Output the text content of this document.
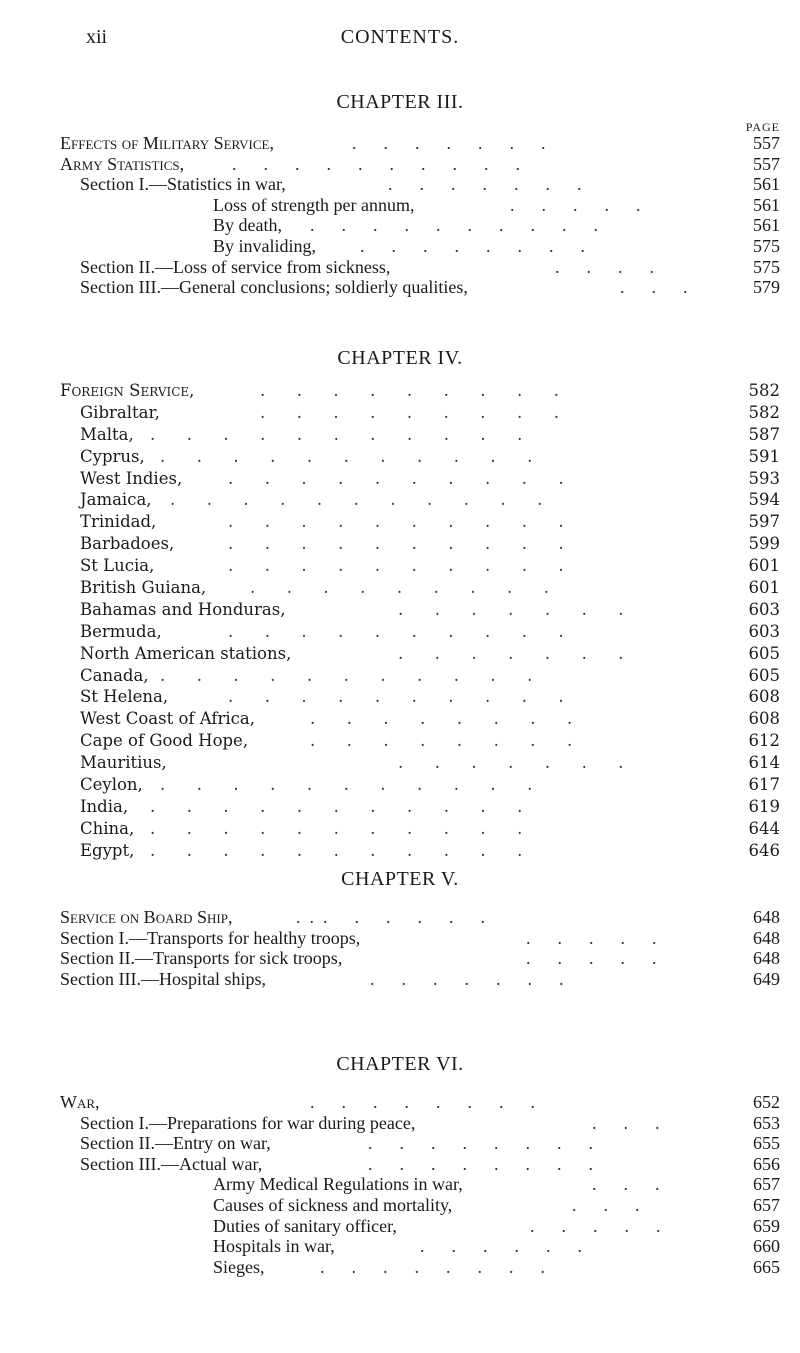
xii	CONTENTS.
CHAPTER III.
PAGE
Effects of Military Service,	.      .      .      .      .      .      .	557
Army Statistics,	.      .      .      .      .      .      .      .      .      .	557
Section I.—Statistics in war,	.      .      .      .      .      .      .	561
Loss of strength per annum,	.      .      .      .      .	561
By death, .      .      .      .      .      .      .      .      .      .	561
By invaliding, .      .      .      .      .      .      .      .	575
Section II.—Loss of service from sickness,	.      .      .      .	575
Section III.—General conclusions; soldierly qualities,	.      .      .	579
CHAPTER IV.
Foreign Service,	.      .      .      .      .      .      .      .      .	582
Gibraltar,	.      .      .      .      .      .      .      .      .	582
Malta, .      .      .      .      .      .      .      .      .      .      .	587
Cyprus, .      .      .      .      .      .      .      .      .      .      .	591
West Indies,	.      .      .      .      .      .      .      .      .      .	593
Jamaica, .      .      .      .      .      .      .      .      .      .      .	594
Trinidad,	.      .      .      .      .      .      .      .      .      .	597
Barbadoes,	.      .      .      .      .      .      .      .      .      .	599
St Lucia,	.      .      .      .      .      .      .      .      .      .	601
British Guiana,	.      .      .      .      .      .      .      .      .	601
Bahamas and Honduras,	.      .      .      .      .      .      .	603
Bermuda,	.      .      .      .      .      .      .      .      .      .	603
North American stations,	.      .      .      .      .      .      .	605
Canada, .      .      .      .      .      .      .      .      .      .      .	605
St Helena,	.      .      .      .      .      .      .      .      .      .	608
West Coast of Africa,	.      .      .      .      .      .      .      .	608
Cape of Good Hope,	.      .      .      .      .      .      .      .	612
Mauritius,	.      .      .      .      .      .      .	614
Ceylon, .      .      .      .      .      .      .      .      .      .      .	617
India, .      .      .      .      .      .      .      .      .      .      .	619
China, .      .      .      .      .      .      .      .      .      .      .	644
Egypt, .      .      .      .      .      .      .      .      .      .      .	646
CHAPTER V.
Service on Board Ship,	.  .  .      .      .      .      .      .	648
Section I.—Transports for healthy troops,	.      .      .      .      .	648
Section II.—Transports for sick troops,	.      .      .      .      .	648
Section III.—Hospital ships,	.      .      .      .      .      .      .	649
CHAPTER VI.
War,	.      .      .      .      .      .      .      .	652
Section I.—Preparations for war during peace,	.      .      .	653
Section II.—Entry on war,	.      .      .      .      .      .      .      .	655
Section III.—Actual war,	.      .      .      .      .      .      .      .	656
Army Medical Regulations in war,	.      .      .	657
Causes of sickness and mortality,	.      .      .	657
Duties of sanitary officer,	.      .      .      .      .	659
Hospitals in war,	.      .      .      .      .      .	660
Sieges,	.      .      .      .      .      .      .      .	665
